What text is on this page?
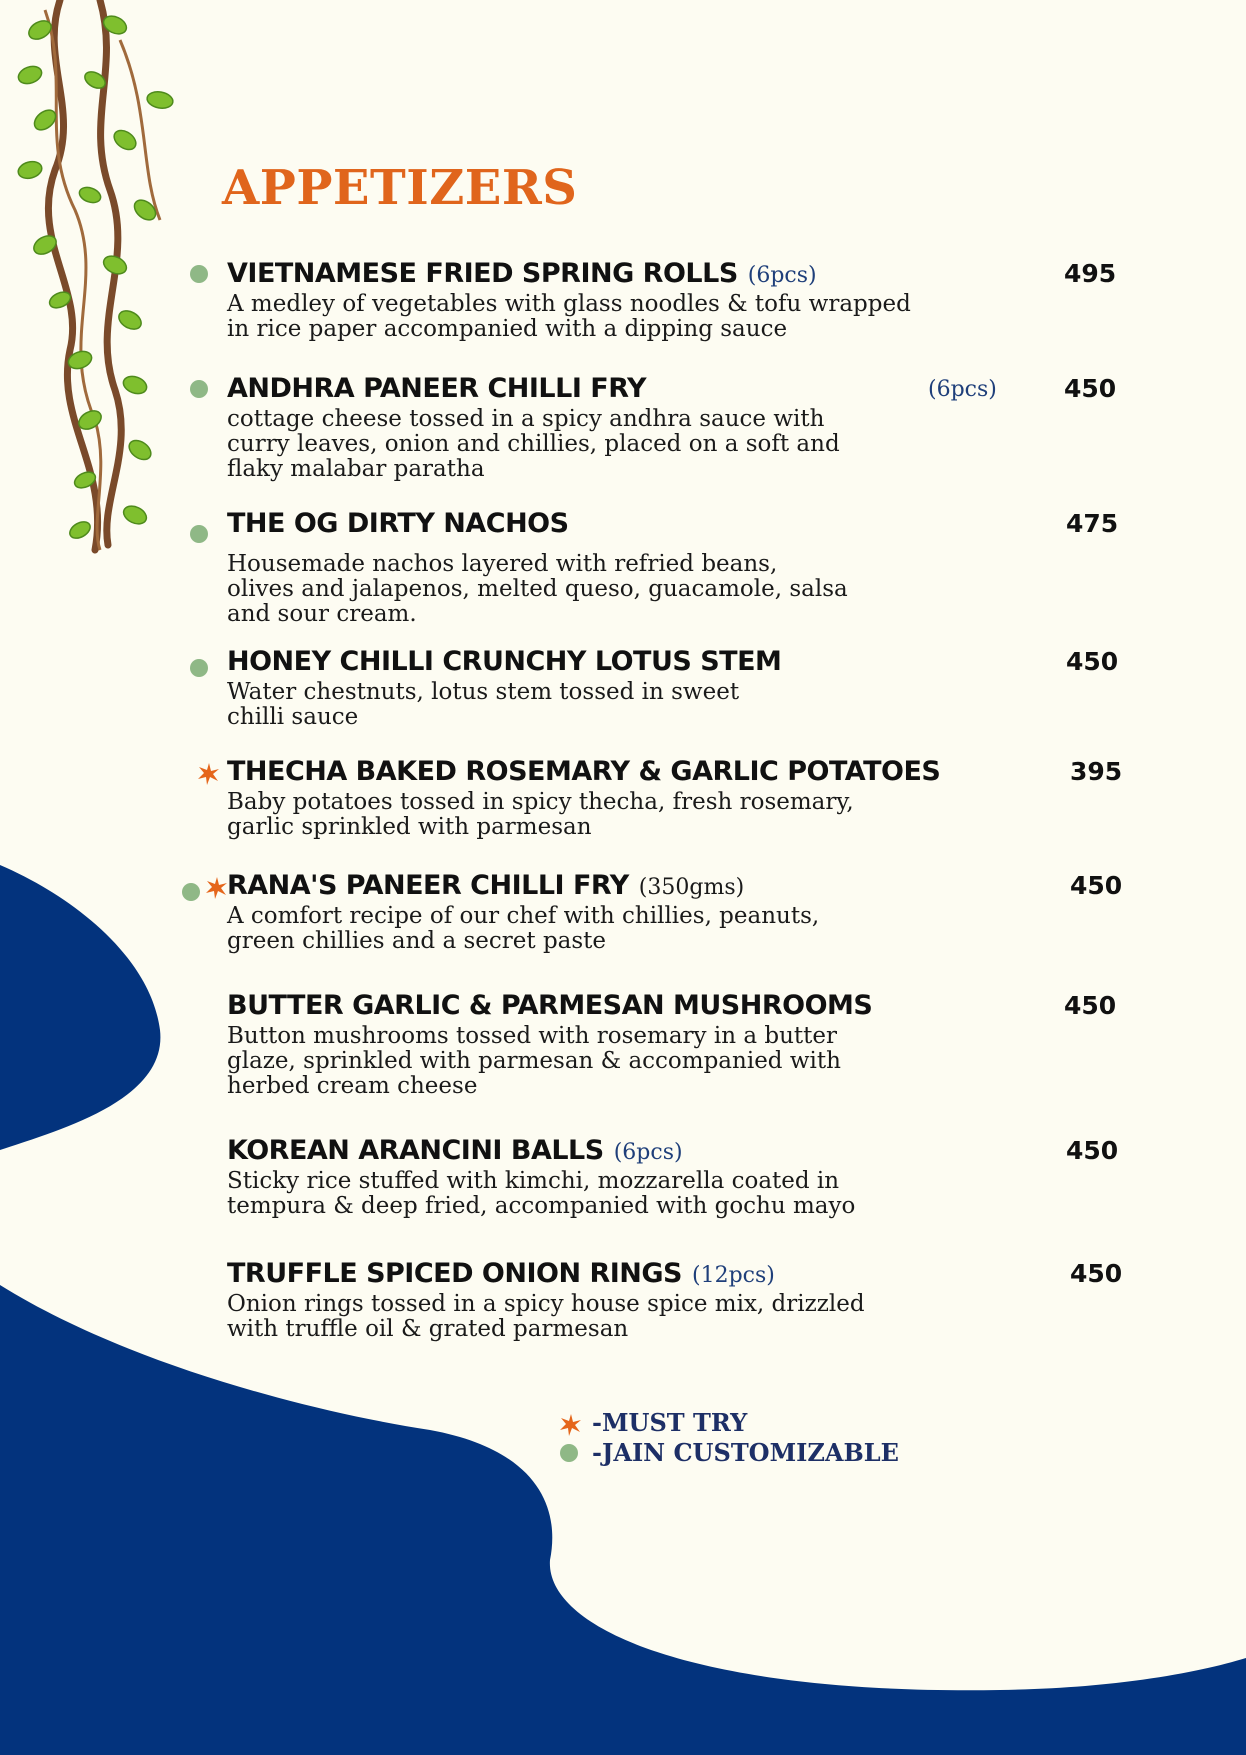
APPETIZERS
VIETNAMESE FRIED SPRING ROLLS (6pcs)	495
A medley of vegetables with glass noodles & tofu wrapped
in rice paper accompanied with a dipping sauce
ANDHRA PANEER CHILLI FRY	(6pcs)	450
cottage cheese tossed in a spicy andhra sauce with
curry leaves, onion and chillies, placed on a soft and
flaky malabar paratha
THE OG DIRTY NACHOS	475
Housemade nachos layered with refried beans,
olives and jalapenos, melted queso, guacamole, salsa
and sour cream.
HONEY CHILLI CRUNCHY LOTUS STEM	450
Water chestnuts, lotus stem tossed in sweet
chilli sauce
THECHA BAKED ROSEMARY & GARLIC POTATOES	395
Baby potatoes tossed in spicy thecha, fresh rosemary,
garlic sprinkled with parmesan
RANA'S PANEER CHILLI FRY (350gms)	450
A comfort recipe of our chef with chillies, peanuts,
green chillies and a secret paste
BUTTER GARLIC & PARMESAN MUSHROOMS	450
Button mushrooms tossed with rosemary in a butter
glaze, sprinkled with parmesan & accompanied with
herbed cream cheese
KOREAN ARANCINI BALLS (6pcs)	450
Sticky rice stuffed with kimchi, mozzarella coated in
tempura & deep fried, accompanied with gochu mayo
TRUFFLE SPICED ONION RINGS (12pcs)	450
Onion rings tossed in a spicy house spice mix, drizzled
with truffle oil & grated parmesan
-MUST TRY
-JAIN CUSTOMIZABLE
